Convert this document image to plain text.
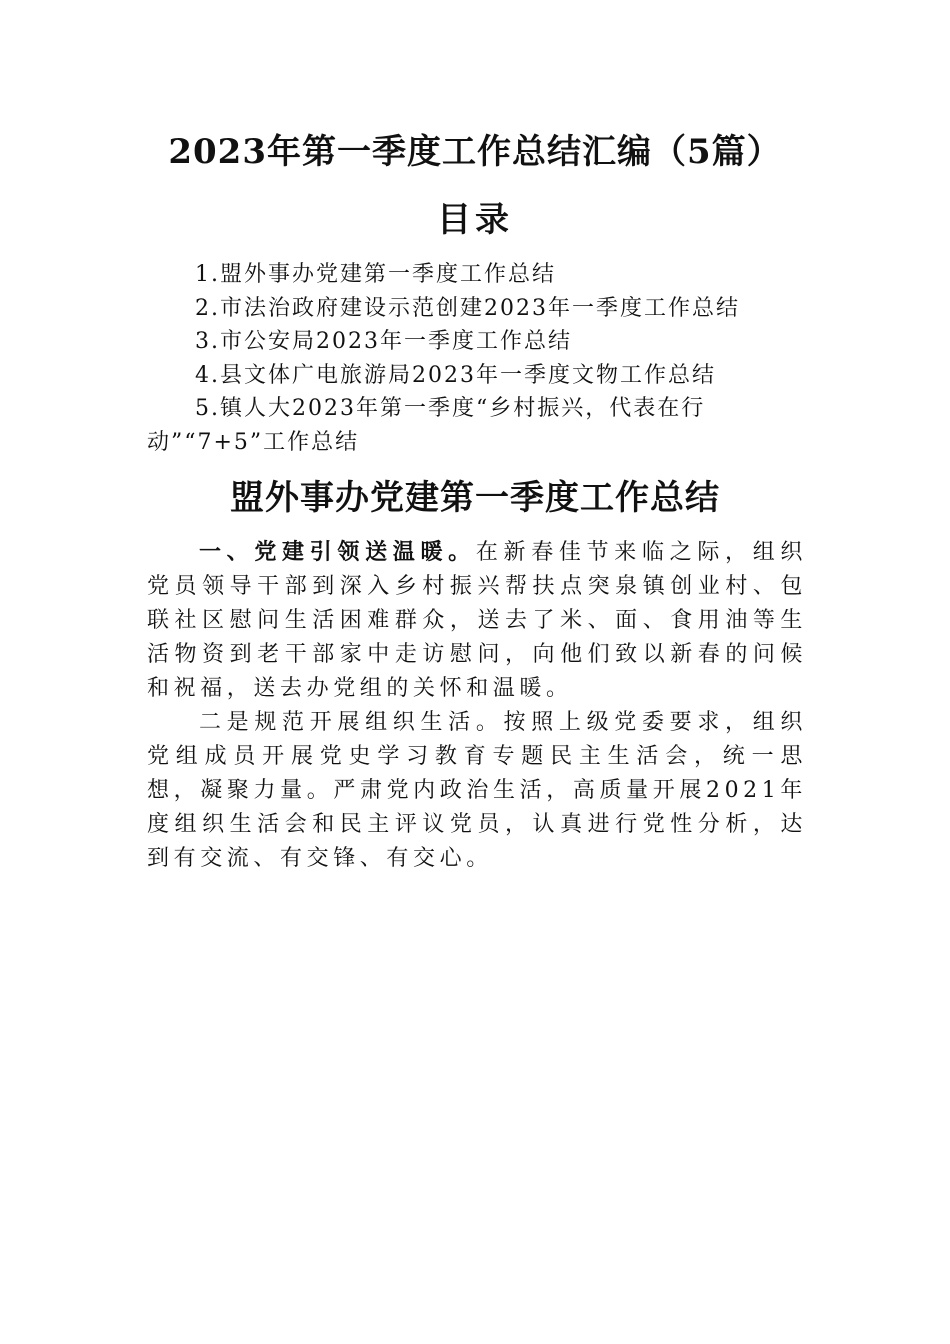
2023年第一季度工作总结汇编（5篇）
目录
1.盟外事办党建第一季度工作总结
2.市法治政府建设示范创建2023年一季度工作总结
3.市公安局2023年一季度工作总结
4.县文体广电旅游局2023年一季度文物工作总结
5.镇人大2023年第一季度“乡村振兴，代表在行动”“7+5”工作总结
盟外事办党建第一季度工作总结

一、党建引领送温暖。在新春佳节来临之际，组织党员领导干部到深入乡村振兴帮扶点突泉镇创业村、包联社区慰问生活困难群众，送去了米、面、食用油等生活物资到老干部家中走访慰问，向他们致以新春的问候和祝福，送去办党组的关怀和温暖。

二是规范开展组织生活。按照上级党委要求，组织党组成员开展党史学习教育专题民主生活会，统一思想，凝聚力量。严肃党内政治生活，高质量开展2021年度组织生活会和民主评议党员，认真进行党性分析，达到有交流、有交锋、有交心。
